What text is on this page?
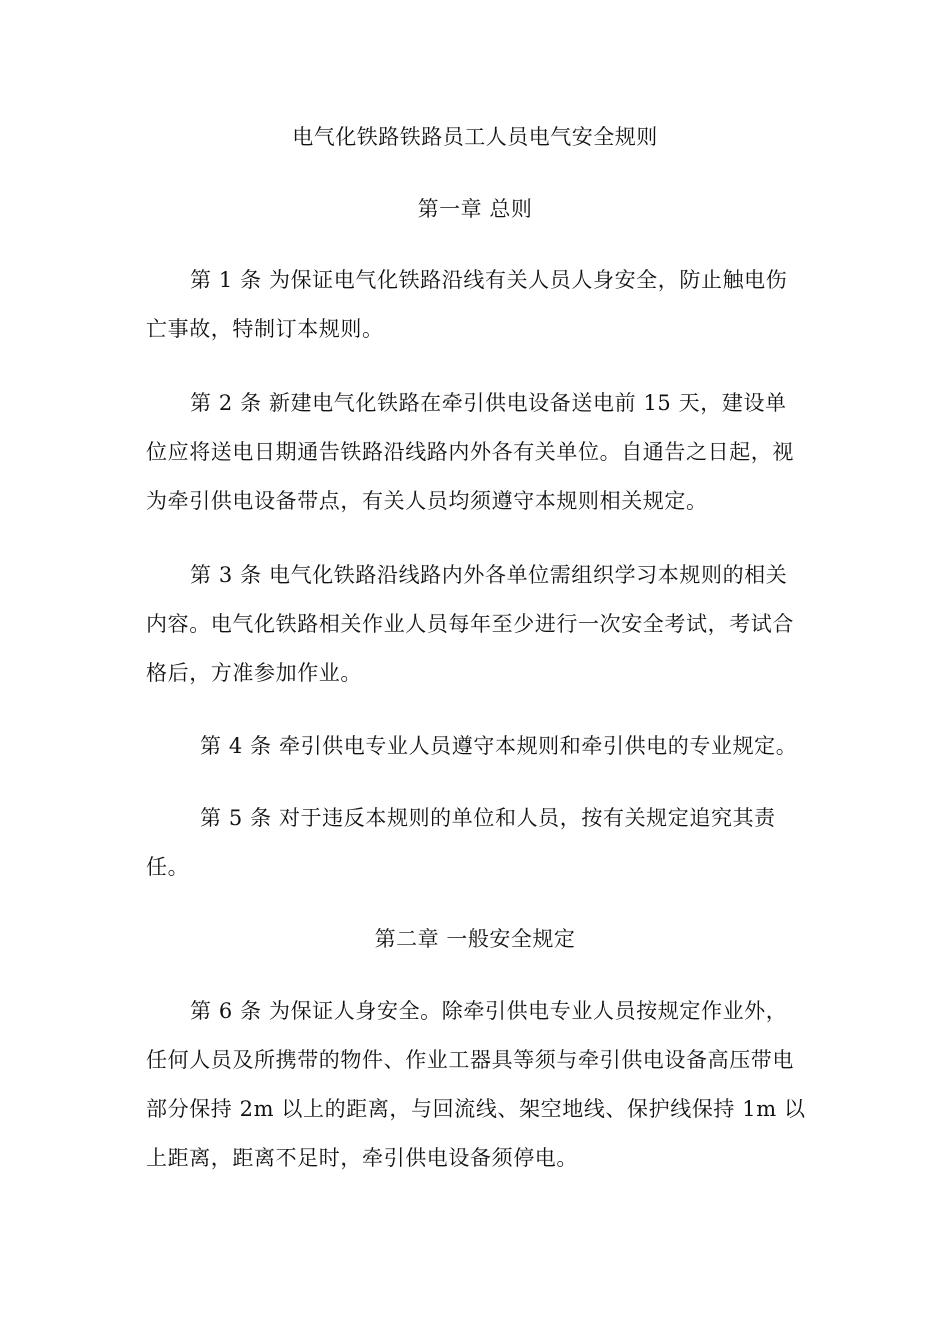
电气化铁路铁路员工人员电气安全规则
第一章 总则
第 1 条 为保证电气化铁路沿线有关人员人身安全，防止触电伤
亡事故，特制订本规则。
第 2 条 新建电气化铁路在牵引供电设备送电前 15 天，建设单
位应将送电日期通告铁路沿线路内外各有关单位。自通告之日起，视
为牵引供电设备带点，有关人员均须遵守本规则相关规定。
第 3 条 电气化铁路沿线路内外各单位需组织学习本规则的相关
内容。电气化铁路相关作业人员每年至少进行一次安全考试，考试合
格后，方准参加作业。
第 4 条 牵引供电专业人员遵守本规则和牵引供电的专业规定。
第 5 条 对于违反本规则的单位和人员，按有关规定追究其责
任。
第二章 一般安全规定
第 6 条 为保证人身安全。除牵引供电专业人员按规定作业外，
任何人员及所携带的物件、作业工器具等须与牵引供电设备高压带电
部分保持 2m 以上的距离，与回流线、架空地线、保护线保持 1m 以
上距离，距离不足时，牵引供电设备须停电。
